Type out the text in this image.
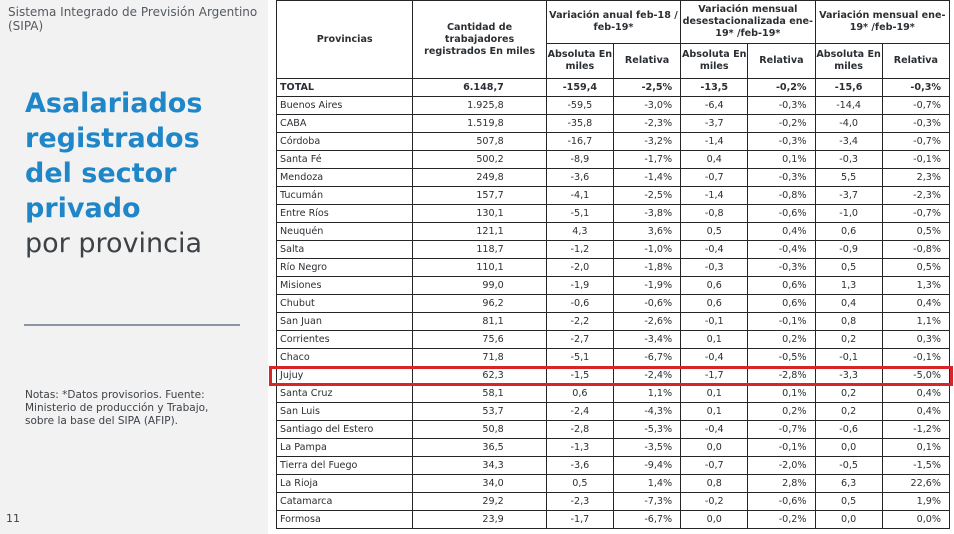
Sistema Integrado de Previsión Argentino (SIPA)
Asalariados
registrados
del sector
privado
por provincia
Notas: *Datos provisorios. Fuente: Ministerio de producción y Trabajo, sobre la base del SIPA (AFIP).
11
Provincias	Cantidad de trabajadores registrados En miles	Variación anual feb-18 / feb-19*		Variación mensual desestacionalizada ene-19* /feb-19*		Variación mensual ene-19* /feb-19*	
		Absoluta En miles	Relativa	Absoluta En miles	Relativa	Absoluta En miles	Relativa
TOTAL	6.148,7	-159,4	-2,5%	-13,5	-0,2%	-15,6	-0,3%
Buenos Aires	1.925,8	-59,5	-3,0%	-6,4	-0,3%	-14,4	-0,7%
CABA	1.519,8	-35,8	-2,3%	-3,7	-0,2%	-4,0	-0,3%
Córdoba	507,8	-16,7	-3,2%	-1,4	-0,3%	-3,4	-0,7%
Santa Fé	500,2	-8,9	-1,7%	0,4	0,1%	-0,3	-0,1%
Mendoza	249,8	-3,6	-1,4%	-0,7	-0,3%	5,5	2,3%
Tucumán	157,7	-4,1	-2,5%	-1,4	-0,8%	-3,7	-2,3%
Entre Ríos	130,1	-5,1	-3,8%	-0,8	-0,6%	-1,0	-0,7%
Neuquén	121,1	4,3	3,6%	0,5	0,4%	0,6	0,5%
Salta	118,7	-1,2	-1,0%	-0,4	-0,4%	-0,9	-0,8%
Río Negro	110,1	-2,0	-1,8%	-0,3	-0,3%	0,5	0,5%
Misiones	99,0	-1,9	-1,9%	0,6	0,6%	1,3	1,3%
Chubut	96,2	-0,6	-0,6%	0,6	0,6%	0,4	0,4%
San Juan	81,1	-2,2	-2,6%	-0,1	-0,1%	0,8	1,1%
Corrientes	75,6	-2,7	-3,4%	0,1	0,2%	0,2	0,3%
Chaco	71,8	-5,1	-6,7%	-0,4	-0,5%	-0,1	-0,1%
Jujuy	62,3	-1,5	-2,4%	-1,7	-2,8%	-3,3	-5,0%
Santa Cruz	58,1	0,6	1,1%	0,1	0,1%	0,2	0,4%
San Luis	53,7	-2,4	-4,3%	0,1	0,2%	0,2	0,4%
Santiago del Estero	50,8	-2,8	-5,3%	-0,4	-0,7%	-0,6	-1,2%
La Pampa	36,5	-1,3	-3,5%	0,0	-0,1%	0,0	0,1%
Tierra del Fuego	34,3	-3,6	-9,4%	-0,7	-2,0%	-0,5	-1,5%
La Rioja	34,0	0,5	1,4%	0,8	2,8%	6,3	22,6%
Catamarca	29,2	-2,3	-7,3%	-0,2	-0,6%	0,5	1,9%
Formosa	23,9	-1,7	-6,7%	0,0	-0,2%	0,0	0,0%
